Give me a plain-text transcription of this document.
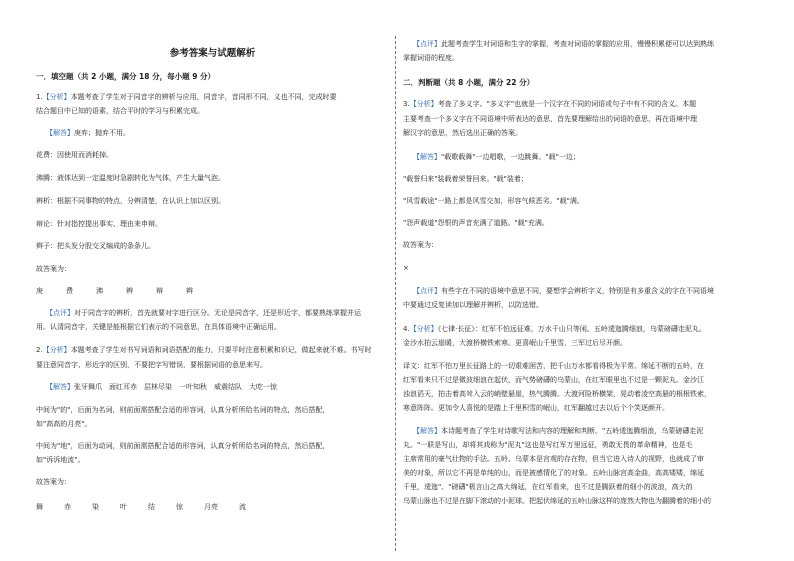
参考答案与试题解析

一．填空题（共 2 小题，满分 18 分，每小题 9 分）

1.【分析】本题考查了学生对于同音字的辨析与应用，同音字，音同形不同，义也不同，完成时要

结合题目中已知的语素，结合平时的学习与积累完成。

【解答】庚弃；抛弃不用。

花费：因使用而消耗掉。

沸腾：液体达到一定温度时急剧转化为气体，产生大量气泡。

辨析：根据不同事物的特点，分辨清楚，在认识上加以区别。

辩论：针对指控提出事实、理由来申辩。

辫子：把头发分股交叉编成的条条儿。

故答案为：

庚	费	沸	辨	辩	辫

【点评】对于同音字的辨析，首先就要对字进行区分。无论是同音字，还是形近字，都要熟练掌握并运

用。认清同音字，关键是能根据它们表示的不同意思，在具体语境中正确运用。

2.【分析】本题考查了学生对书写词语和词语搭配的能力，只要平时注意积累和识记，做起来就不难。书写时

要注意同音字、形近字的区别，不要把字写错误，要根据词语的意思来写。

【解答】张牙舞爪　面红耳赤　层林尽染　一叶知秋　威震结队　大吃一惊

中间为"的"，后面为名词，则前面需搭配合适的形容词，认真分析所给名词的特点，然后搭配，

如"高高的月亮"。

中间为"地"，后面为动词，则前面需搭配合适的形容词，认真分析所给名词的特点，然后搭配，

如"诉诉地流"。

故答案为：

舞	赤	染	叶	结	惊	月亮	流

【点评】此题考查学生对词语和生字的掌握，考查对词语的掌握的应用，慢慢积累便可以达到熟练

掌握词语的程度。

二．判断题（共 8 小题，满分 22 分）

3.【分析】考查了多义字。"多义字"也就是一个汉字在不同的词语或句子中有不同的含义。本题

主要考查一个多义字在不同语境中所表达的意思，首先要理解给出的词语的意思，再在语境中理

解汉字的意思，然后选出正确的答案。

【解答】"载歌载舞"一边唱歌，一边跳舞。"载"一边；

"载誉归来"装载着荣誉回来。"载"装着；

"风雪载途"一路上都是风雪交加，形容气候恶劣。"载"满。

"怨声载道"怨恨的声音充满了道路。"载"充满。

故答案为：

×

【点评】有些字在不同的语境中意思不同，要想学会辨析字义，特别是有多重含义的字在不同语境

中要通过反复读加以理解并辨析，以防选错。

4.【分析】《七律·长征》：红军不怕远征难，万水千山只等闲。五岭逶迤腾细浪，乌蒙磅礴走泥丸。

金沙水拍云崖暖，大渡桥横铁索寒。更喜岷山千里雪，三军过后尽开颜。

译文：红军不怕万里长征路上的一切艰难困苦，把千山万水都看得极为平常。绵延不断的五岭，在

红军看来只不过是微波细浪在起伏，而气势磅礴的乌蒙山，在红军眼里也不过是一颗泥丸。金沙江

浊浪滔天，拍击着高耸入云的峭壁悬崖，热气腾腾。大渡河险桥横架，晃动着凌空高悬的根根铁索，

寒意阵阵。更加令人喜悦的是踏上千里积雪的岷山，红军翻越过去以后个个笑逐颜开。

【解答】本诗题考查了学生对诗歌写法和内容的理解和判断。"五岭逶迤腾细浪，乌蒙磅礴走泥

丸。"一联是写山，却将其戏称为"泥丸"这也是写红军万里远征，勇敢无畏的革命精神，也是毛

主席常用的豪气壮物的手法。五岭、乌蒙本是宫观的存在物，但当它进入诗人的视野，也就成了审

美的对象，所以它不再是单纯的山，而是被感情化了的对象。五岭山脉宫高金曲，高高矮矮，绵延

千里，逶迤"、"磅礴"极言山之高大绵延，在红军看来，也不过是腾跃着的细小的波浪，高大的

乌蒙山脉也不过是在脚下滚动的小泥球。把起伏绵延的五岭山脉这样的庞然大物也为翻腾着的细小的
